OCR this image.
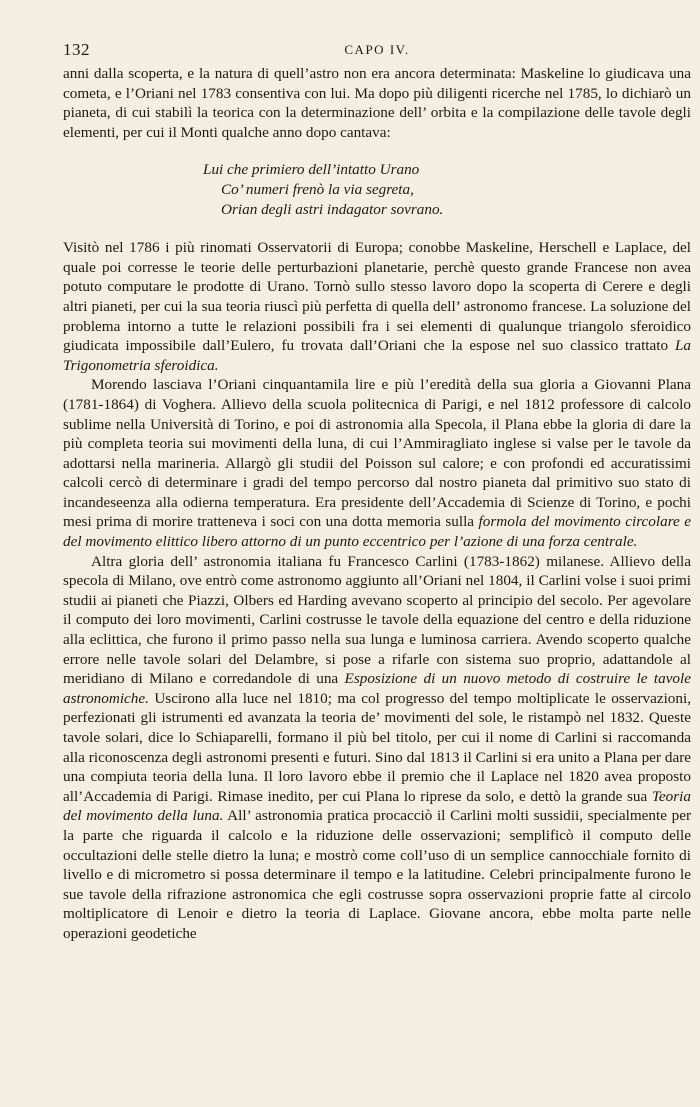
132	CAPO IV.

anni dalla scoperta, e la natura di quell’astro non era ancora determinata: Maskeline lo giudicava una cometa, e l’Oriani nel 1783 consentiva con lui. Ma dopo più diligenti ricerche nel 1785, lo dichiarò un pianeta, di cui stabilì la teorica con la determinazione dell’ orbita e la compilazione delle tavole degli elementi, per cui il Monti qualche anno dopo cantava:

Lui che primiero dell’intatto Urano
Co’ numeri frenò la via segreta,
Orian degli astri indagator sovrano.

Visitò nel 1786 i più rinomati Osservatorii di Europa; conobbe Maskeline, Herschell e Laplace, del quale poi corresse le teorie delle perturbazioni planetarie, perchè questo grande Francese non avea potuto computare le prodotte di Urano. Tornò sullo stesso lavoro dopo la scoperta di Cerere e degli altri pianeti, per cui la sua teoria riuscì più perfetta di quella dell’ astronomo francese. La soluzione del problema intorno a tutte le relazioni possibili fra i sei elementi di qualunque triangolo sferoidico giudicata impossibile dall’Eulero, fu trovata dall’Oriani che la espose nel suo classico trattato La Trigonometria sferoidica.

Morendo lasciava l’Oriani cinquantamila lire e più l’eredità della sua gloria a Giovanni Plana (1781-1864) di Voghera. Allievo della scuola politecnica di Parigi, e nel 1812 professore di calcolo sublime nella Università di Torino, e poi di astronomia alla Specola, il Plana ebbe la gloria di dare la più completa teoria sui movimenti della luna, di cui l’Ammiragliato inglese si valse per le tavole da adottarsi nella marineria. Allargò gli studii del Poisson sul calore; e con profondi ed accuratissimi calcoli cercò di determinare i gradi del tempo percorso dal nostro pianeta dal primitivo suo stato di incandeseenza alla odierna temperatura. Era presidente dell’Accademia di Scienze di Torino, e pochi mesi prima di morire tratteneva i soci con una dotta memoria sulla formola del movimento circolare e del movimento elittico libero attorno di un punto eccentrico per l’azione di una forza centrale.

Altra gloria dell’ astronomia italiana fu Francesco Carlini (1783-1862) milanese. Allievo della specola di Milano, ove entrò come astronomo aggiunto all’Oriani nel 1804, il Carlini volse i suoi primi studii ai pianeti che Piazzi, Olbers ed Harding avevano scoperto al principio del secolo. Per agevolare il computo dei loro movimenti, Carlini costrusse le tavole della equazione del centro e della riduzione alla eclittica, che furono il primo passo nella sua lunga e luminosa carriera. Avendo scoperto qualche errore nelle tavole solari del Delambre, si pose a rifarle con sistema suo proprio, adattandole al meridiano di Milano e corredandole di una Esposizione di un nuovo metodo di costruire le tavole astronomiche. Uscirono alla luce nel 1810; ma col progresso del tempo moltiplicate le osservazioni, perfezionati gli istrumenti ed avanzata la teoria de’ movimenti del sole, le ristampò nel 1832. Queste tavole solari, dice lo Schiaparelli, formano il più bel titolo, per cui il nome di Carlini si raccomanda alla riconoscenza degli astronomi presenti e futuri. Sino dal 1813 il Carlini si era unito a Plana per dare una compiuta teoria della luna. Il loro lavoro ebbe il premio che il Laplace nel 1820 avea proposto all’Accademia di Parigi. Rimase inedito, per cui Plana lo riprese da solo, e dettò la grande sua Teoria del movimento della luna. All’ astronomia pratica procacciò il Carlini molti sussidii, specialmente per la parte che riguarda il calcolo e la riduzione delle osservazioni; semplificò il computo delle occultazioni delle stelle dietro la luna; e mostrò come coll’uso di un semplice cannocchiale fornito di livello e di micrometro si possa determinare il tempo e la latitudine. Celebri principalmente furono le sue tavole della rifrazione astronomica che egli costrusse sopra osservazioni proprie fatte al circolo moltiplicatore di Lenoir e dietro la teoria di Laplace. Giovane ancora, ebbe molta parte nelle operazioni geodetiche
